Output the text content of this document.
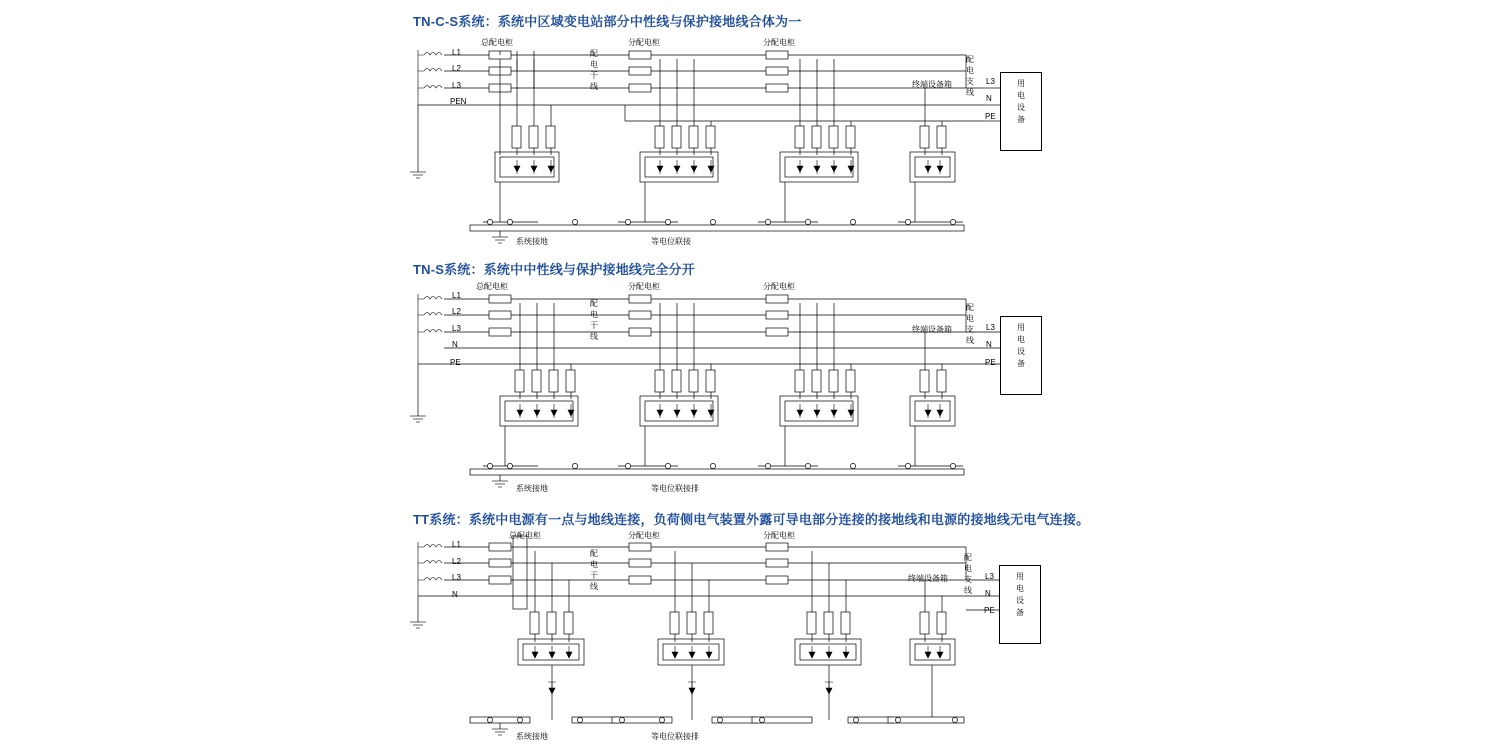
TN-C-S系统：系统中区域变电站部分中性线与保护接地线合体为一
TN-S系统：系统中中性线与保护接地线完全分开
TT系统：系统中电源有一点与地线连接，负荷侧电气装置外露可导电部分连接的接地线和电源的接地线无电气连接。
L1
L2
L3
PEN
总配电柜	分配电柜	分配电柜
配
电
干
线	终端设备箱
配
电
支
线
L3
N
PE
用
电
设
备
系统接地	等电位联接
L1
L2
L3
N
PE
总配电柜	分配电柜	分配电柜
配
电
干
线
终端设备箱
配
电
支
线
L3
N
PE
用
电
设
备
系统接地	等电位联接排
L1
L2
L3
N
总配电柜	分配电柜	分配电柜
配
电
干
线
终端设备箱
配
电
支
线
L3
N
PE
用
电
设
备
系统接地	等电位联接排
